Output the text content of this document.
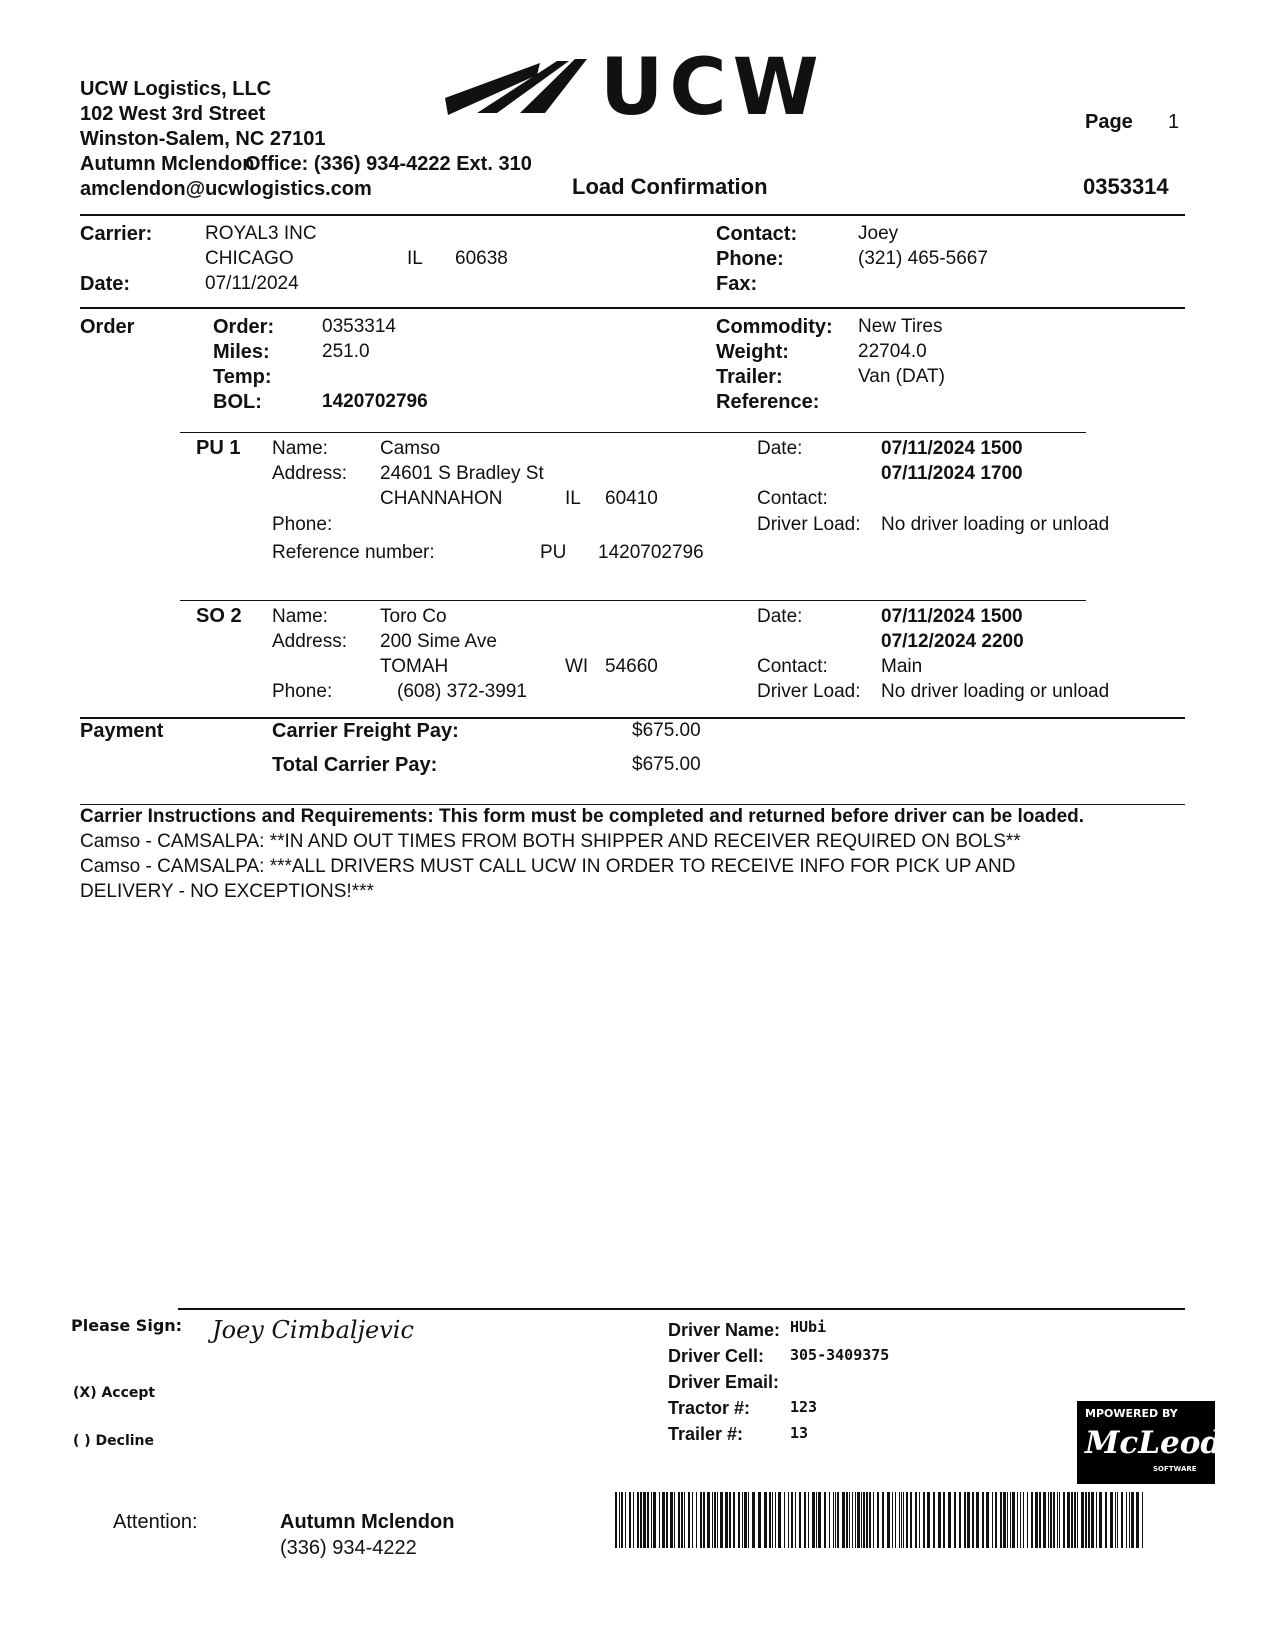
UCW Logistics, LLC
102 West 3rd Street
Winston-Salem, NC 27101
Autumn Mclendon
Office: (336) 934-4222 Ext. 310
amclendon@ucwlogistics.com
UCW
Load Confirmation
Page 1
0353314
Carrier:	ROYAL3 INC
CHICAGO	IL 60638
Date:	07/11/2024
Contact:	Joey
Phone:	(321) 465-5667
Fax:
Order	Order:	0353314
Miles:	251.0
Temp:
BOL:	1420702796
Commodity: New Tires
Weight:	22704.0
Trailer:	Van (DAT)
Reference:
PU 1 Name:	Camso
Address: 24601 S Bradley St
CHANNAHON	IL 60410
Phone:
Reference number:	PU 1420702796
Date:	07/11/2024 1500
07/11/2024 1700
Contact:
Driver Load: No driver loading or unload
SO 2 Name:	Toro Co
Address: 200 Sime Ave
TOMAH	WI 54660
Phone:	(608) 372-3991
Date:	07/11/2024 1500
07/12/2024 2200
Contact:	Main
Driver Load: No driver loading or unload
Payment	Carrier Freight Pay:	$675.00
Total Carrier Pay:	$675.00
Carrier Instructions and Requirements: This form must be completed and returned before driver can be loaded.
Camso - CAMSALPA: **IN AND OUT TIMES FROM BOTH SHIPPER AND RECEIVER REQUIRED ON BOLS**
Camso - CAMSALPA: ***ALL DRIVERS MUST CALL UCW IN ORDER TO RECEIVE INFO FOR PICK UP AND
DELIVERY - NO EXCEPTIONS!***
Please Sign: Joey Cimbaljevic
(X) Accept
( ) Decline
Driver Name: HUbi
Driver Cell: 305-3409375
Driver Email:
Tractor #:	123
Trailer #:	13
MPOWERED BY
McLeod
SOFTWARE
Attention:	Autumn Mclendon
(336) 934-4222
